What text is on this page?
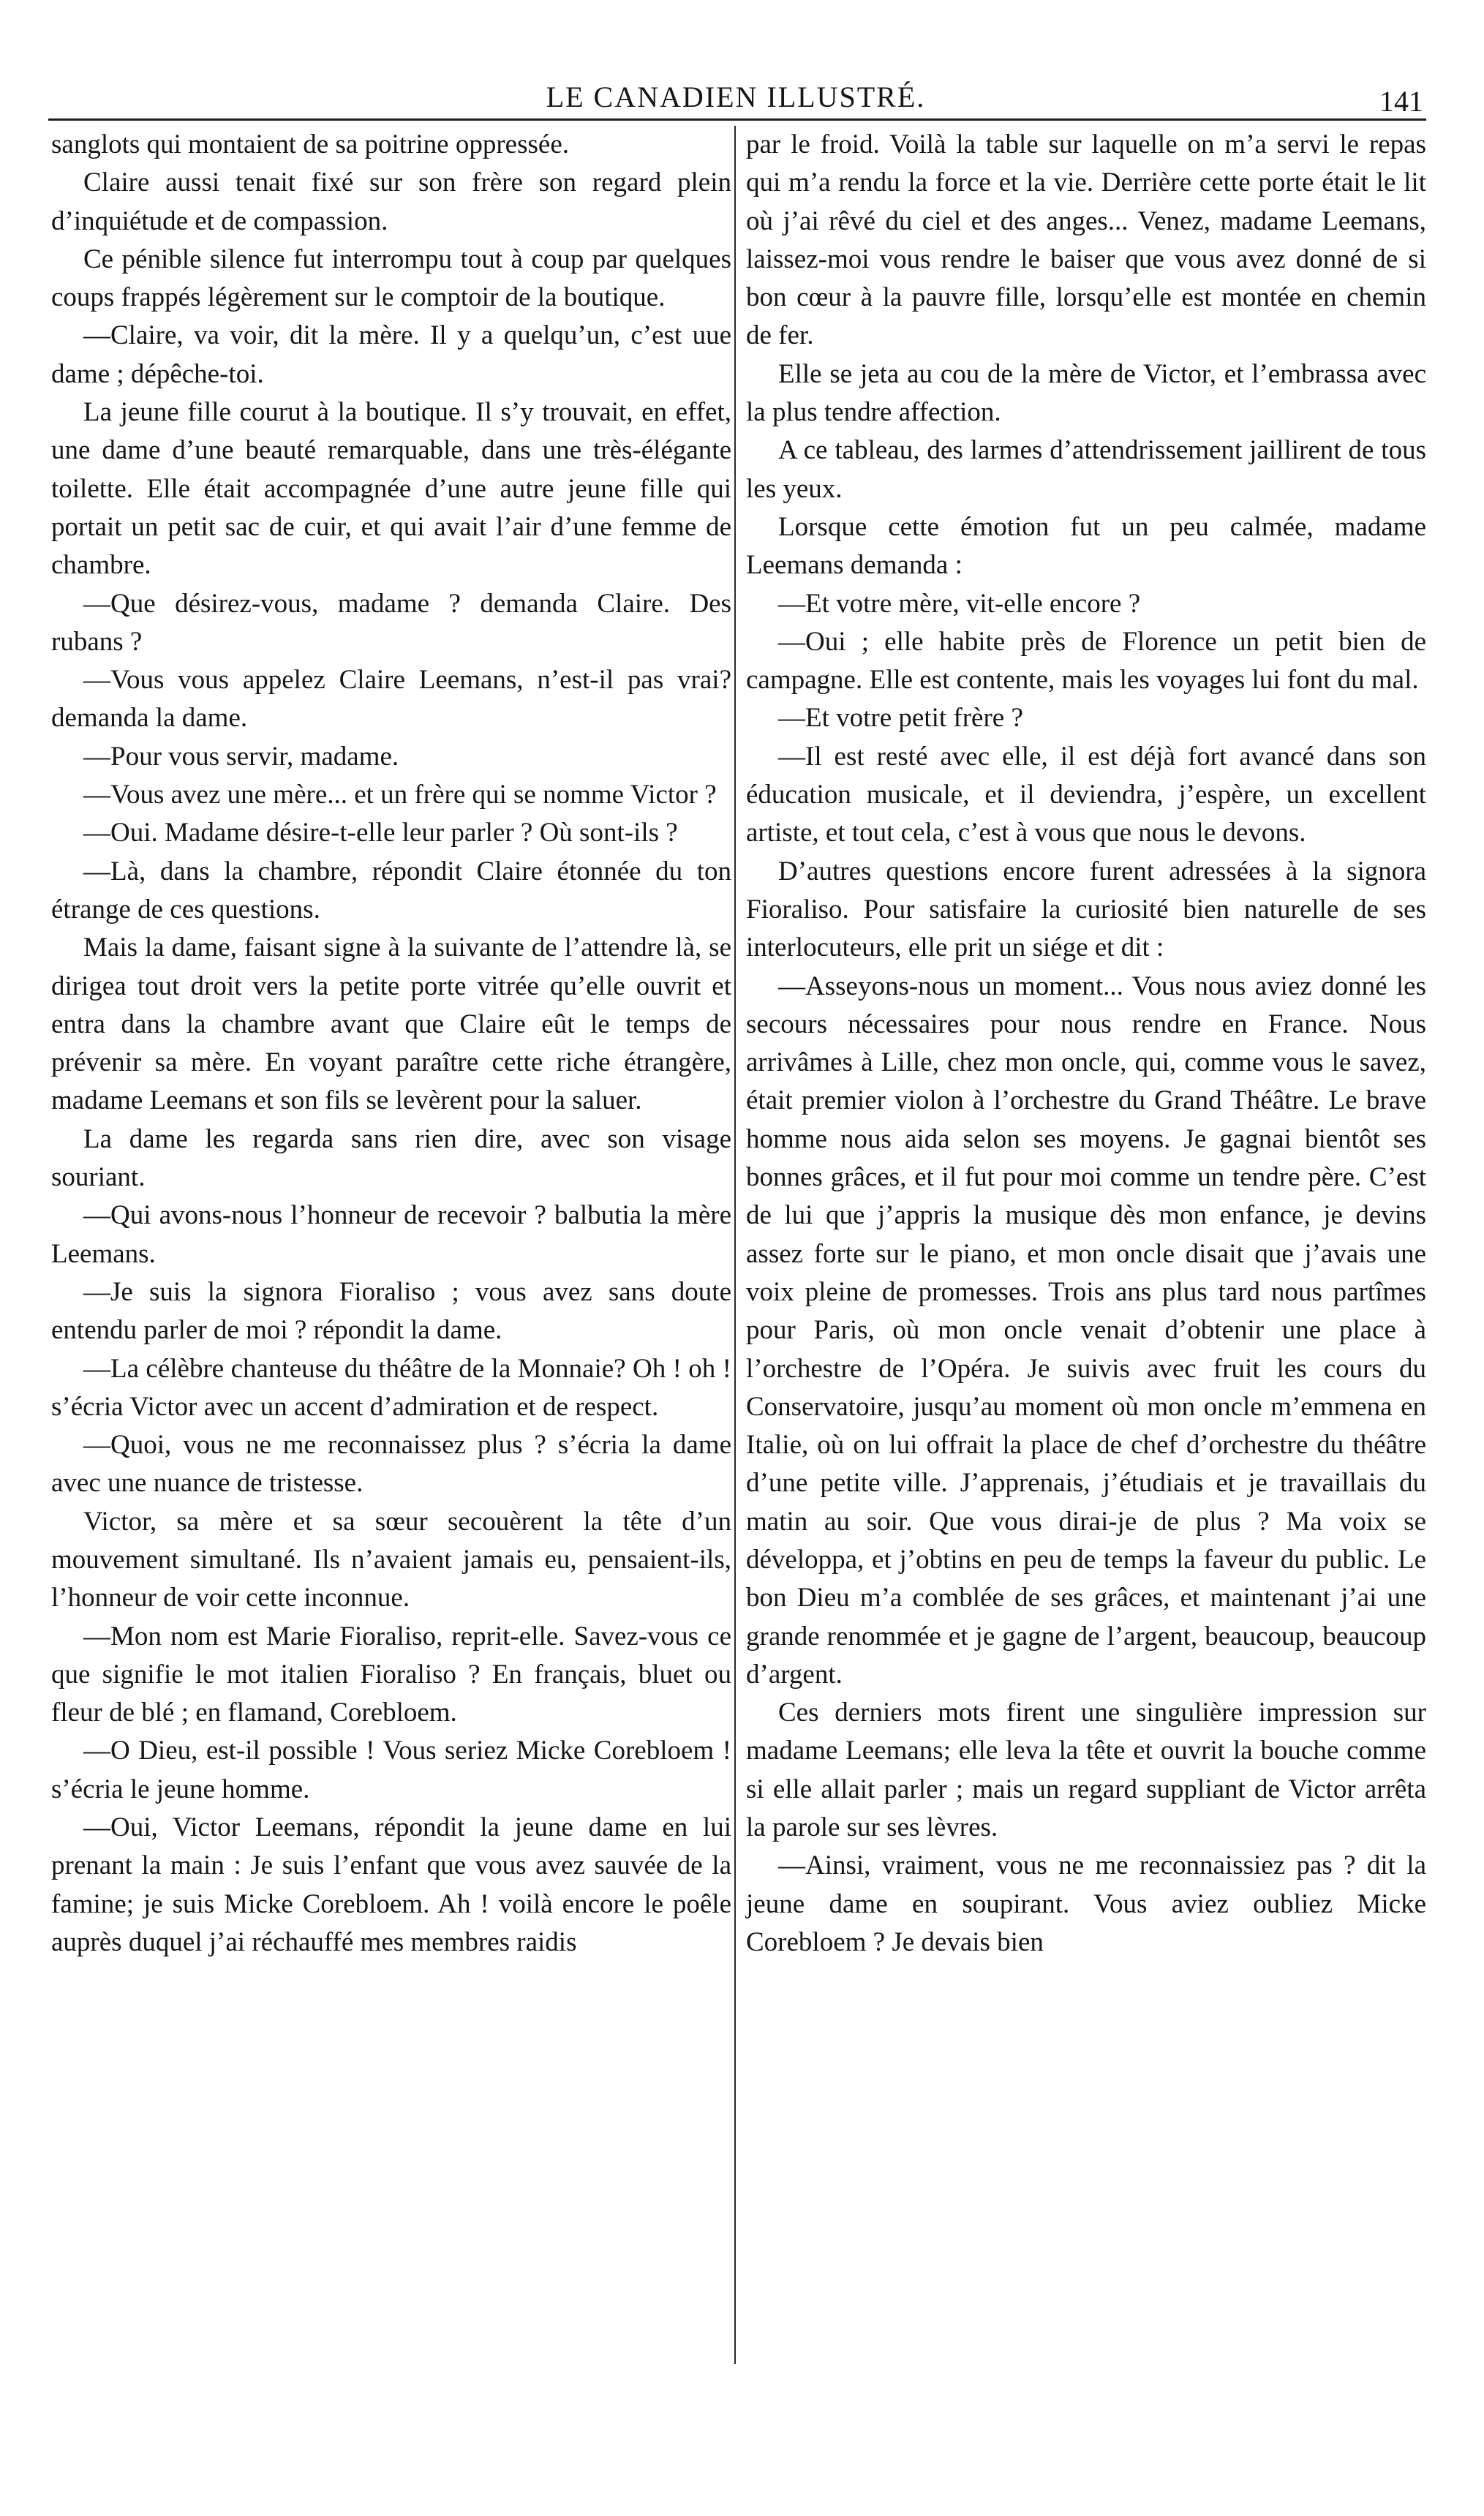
LE CANADIEN ILLUSTRÉ.	141

sanglots qui montaient de sa poitrine oppressée.

Claire aussi tenait fixé sur son frère son regard plein d’inquiétude et de compassion.

Ce pénible silence fut interrompu tout à coup par quelques coups frappés légèrement sur le comptoir de la boutique.

—Claire, va voir, dit la mère. Il y a quelqu’un, c’est uue dame ; dépêche-toi.

La jeune fille courut à la boutique. Il s’y trouvait, en effet, une dame d’une beauté remarquable, dans une très-élégante toilette. Elle était accompagnée d’une autre jeune fille qui portait un petit sac de cuir, et qui avait l’air d’une femme de chambre.

—Que désirez-vous, madame ? demanda Claire. Des rubans ?

—Vous vous appelez Claire Leemans, n’est-il pas vrai? demanda la dame.

—Pour vous servir, madame.

—Vous avez une mère... et un frère qui se nomme Victor ?

—Oui. Madame désire-t-elle leur parler ? Où sont-ils ?

—Là, dans la chambre, répondit Claire étonnée du ton étrange de ces questions.

Mais la dame, faisant signe à la suivante de l’attendre là, se dirigea tout droit vers la petite porte vitrée qu’elle ouvrit et entra dans la chambre avant que Claire eût le temps de prévenir sa mère. En voyant paraître cette riche étrangère, madame Leemans et son fils se levèrent pour la saluer.

La dame les regarda sans rien dire, avec son visage souriant.

—Qui avons-nous l’honneur de recevoir ? balbutia la mère Leemans.

—Je suis la signora Fioraliso ; vous avez sans doute entendu parler de moi ? répondit la dame.

—La célèbre chanteuse du théâtre de la Monnaie? Oh ! oh ! s’écria Victor avec un accent d’admiration et de respect.

—Quoi, vous ne me reconnaissez plus ? s’écria la dame avec une nuance de tristesse.

Victor, sa mère et sa sœur secouèrent la tête d’un mouvement simultané. Ils n’avaient jamais eu, pensaient-ils, l’honneur de voir cette inconnue.

—Mon nom est Marie Fioraliso, reprit-elle. Savez-vous ce que signifie le mot italien Fioraliso ? En français, bluet ou fleur de blé ; en flamand, Corebloem.

—O Dieu, est-il possible ! Vous seriez Micke Corebloem ! s’écria le jeune homme.

—Oui, Victor Leemans, répondit la jeune dame en lui prenant la main : Je suis l’enfant que vous avez sauvée de la famine; je suis Micke Corebloem. Ah ! voilà encore le poêle auprès duquel j’ai réchauffé mes membres raidis

par le froid. Voilà la table sur laquelle on m’a servi le repas qui m’a rendu la force et la vie. Derrière cette porte était le lit où j’ai rêvé du ciel et des anges... Venez, madame Leemans, laissez-moi vous rendre le baiser que vous avez donné de si bon cœur à la pauvre fille, lorsqu’elle est montée en chemin de fer.

Elle se jeta au cou de la mère de Victor, et l’embrassa avec la plus tendre affection.

A ce tableau, des larmes d’attendrissement jaillirent de tous les yeux.

Lorsque cette émotion fut un peu calmée, madame Leemans demanda :

—Et votre mère, vit-elle encore ?

—Oui ; elle habite près de Florence un petit bien de campagne. Elle est contente, mais les voyages lui font du mal.

—Et votre petit frère ?

—Il est resté avec elle, il est déjà fort avancé dans son éducation musicale, et il deviendra, j’espère, un excellent artiste, et tout cela, c’est à vous que nous le devons.

D’autres questions encore furent adressées à la signora Fioraliso. Pour satisfaire la curiosité bien naturelle de ses interlocuteurs, elle prit un siége et dit :

—Asseyons-nous un moment... Vous nous aviez donné les secours nécessaires pour nous rendre en France. Nous arrivâmes à Lille, chez mon oncle, qui, comme vous le savez, était premier violon à l’orchestre du Grand Théâtre. Le brave homme nous aida selon ses moyens. Je gagnai bientôt ses bonnes grâces, et il fut pour moi comme un tendre père. C’est de lui que j’appris la musique dès mon enfance, je devins assez forte sur le piano, et mon oncle disait que j’avais une voix pleine de promesses. Trois ans plus tard nous partîmes pour Paris, où mon oncle venait d’obtenir une place à l’orchestre de l’Opéra. Je suivis avec fruit les cours du Conservatoire, jusqu’au moment où mon oncle m’emmena en Italie, où on lui offrait la place de chef d’orchestre du théâtre d’une petite ville. J’apprenais, j’étudiais et je travaillais du matin au soir. Que vous dirai-je de plus ? Ma voix se développa, et j’obtins en peu de temps la faveur du public. Le bon Dieu m’a comblée de ses grâces, et maintenant j’ai une grande renommée et je gagne de l’argent, beaucoup, beaucoup d’argent.

Ces derniers mots firent une singulière impression sur madame Leemans; elle leva la tête et ouvrit la bouche comme si elle allait parler ; mais un regard suppliant de Victor arrêta la parole sur ses lèvres.

—Ainsi, vraiment, vous ne me reconnaissiez pas ? dit la jeune dame en soupirant. Vous aviez oubliez Micke Corebloem ? Je devais bien
